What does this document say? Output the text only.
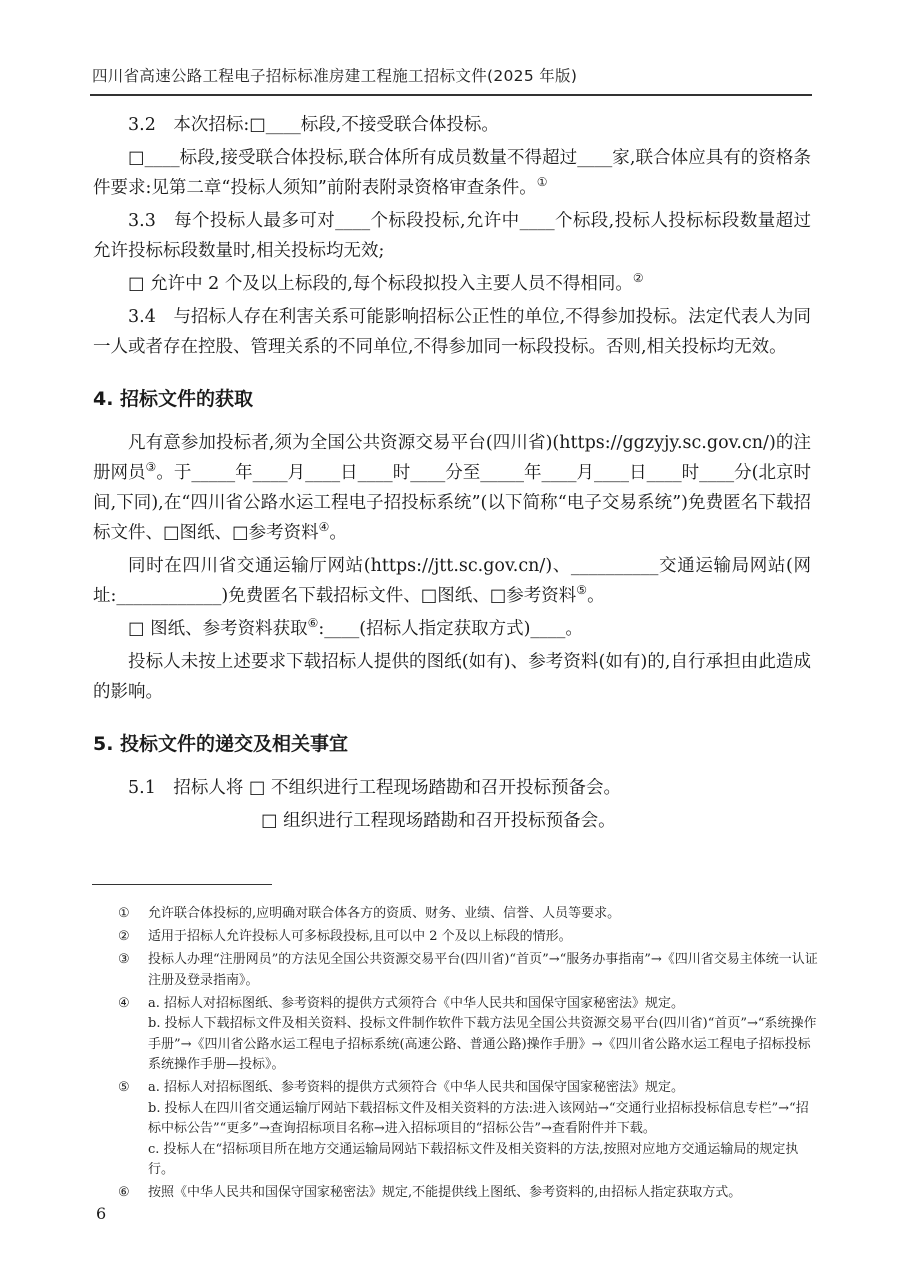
四川省高速公路工程电子招标标准房建工程施工招标文件(2025 年版)

3.2　本次招标:□____标段,不接受联合体投标。

□____标段,接受联合体投标,联合体所有成员数量不得超过____家,联合体应具有的资格条件要求:见第二章“投标人须知”前附表附录资格审查条件。①

3.3　每个投标人最多可对____个标段投标,允许中____个标段,投标人投标标段数量超过允许投标标段数量时,相关投标均无效;

□ 允许中 2 个及以上标段的,每个标段拟投入主要人员不得相同。②

3.4　与招标人存在利害关系可能影响招标公正性的单位,不得参加投标。法定代表人为同一人或者存在控股、管理关系的不同单位,不得参加同一标段投标。否则,相关投标均无效。

4. 招标文件的获取

凡有意参加投标者,须为全国公共资源交易平台(四川省)(https://ggzyjy.sc.gov.cn/)的注册网员③。于_____年____月____日____时____分至_____年____月____日____时____分(北京时间,下同),在“四川省公路水运工程电子招投标系统”(以下简称“电子交易系统”)免费匿名下载招标文件、□图纸、□参考资料④。

同时在四川省交通运输厅网站(https://jtt.sc.gov.cn/)、__________交通运输局网站(网址:____________)免费匿名下载招标文件、□图纸、□参考资料⑤。

□ 图纸、参考资料获取⑥:____(招标人指定获取方式)____。

投标人未按上述要求下载招标人提供的图纸(如有)、参考资料(如有)的,自行承担由此造成的影响。

5. 投标文件的递交及相关事宜

5.1　招标人将 □ 不组织进行工程现场踏勘和召开投标预备会。

□ 组织进行工程现场踏勘和召开投标预备会。

①	允许联合体投标的,应明确对联合体各方的资质、财务、业绩、信誉、人员等要求。
②	适用于招标人允许投标人可多标段投标,且可以中 2 个及以上标段的情形。
③	投标人办理“注册网员”的方法见全国公共资源交易平台(四川省)“首页”→“服务办事指南”→《四川省交易主体统一认证注册及登录指南》。
④	a. 招标人对招标图纸、参考资料的提供方式须符合《中华人民共和国保守国家秘密法》规定。
b. 投标人下载招标文件及相关资料、投标文件制作软件下载方法见全国公共资源交易平台(四川省)“首页”→“系统操作手册”→《四川省公路水运工程电子招标系统(高速公路、普通公路)操作手册》→《四川省公路水运工程电子招标投标系统操作手册—投标》。
⑤	a. 招标人对招标图纸、参考资料的提供方式须符合《中华人民共和国保守国家秘密法》规定。
b. 投标人在四川省交通运输厅网站下载招标文件及相关资料的方法:进入该网站→“交通行业招标投标信息专栏”→“招标中标公告”“更多”→查询招标项目名称→进入招标项目的“招标公告”→查看附件并下载。
c. 投标人在“招标项目所在地方交通运输局网站下载招标文件及相关资料的方法,按照对应地方交通运输局的规定执行。
⑥	按照《中华人民共和国保守国家秘密法》规定,不能提供线上图纸、参考资料的,由招标人指定获取方式。
6
